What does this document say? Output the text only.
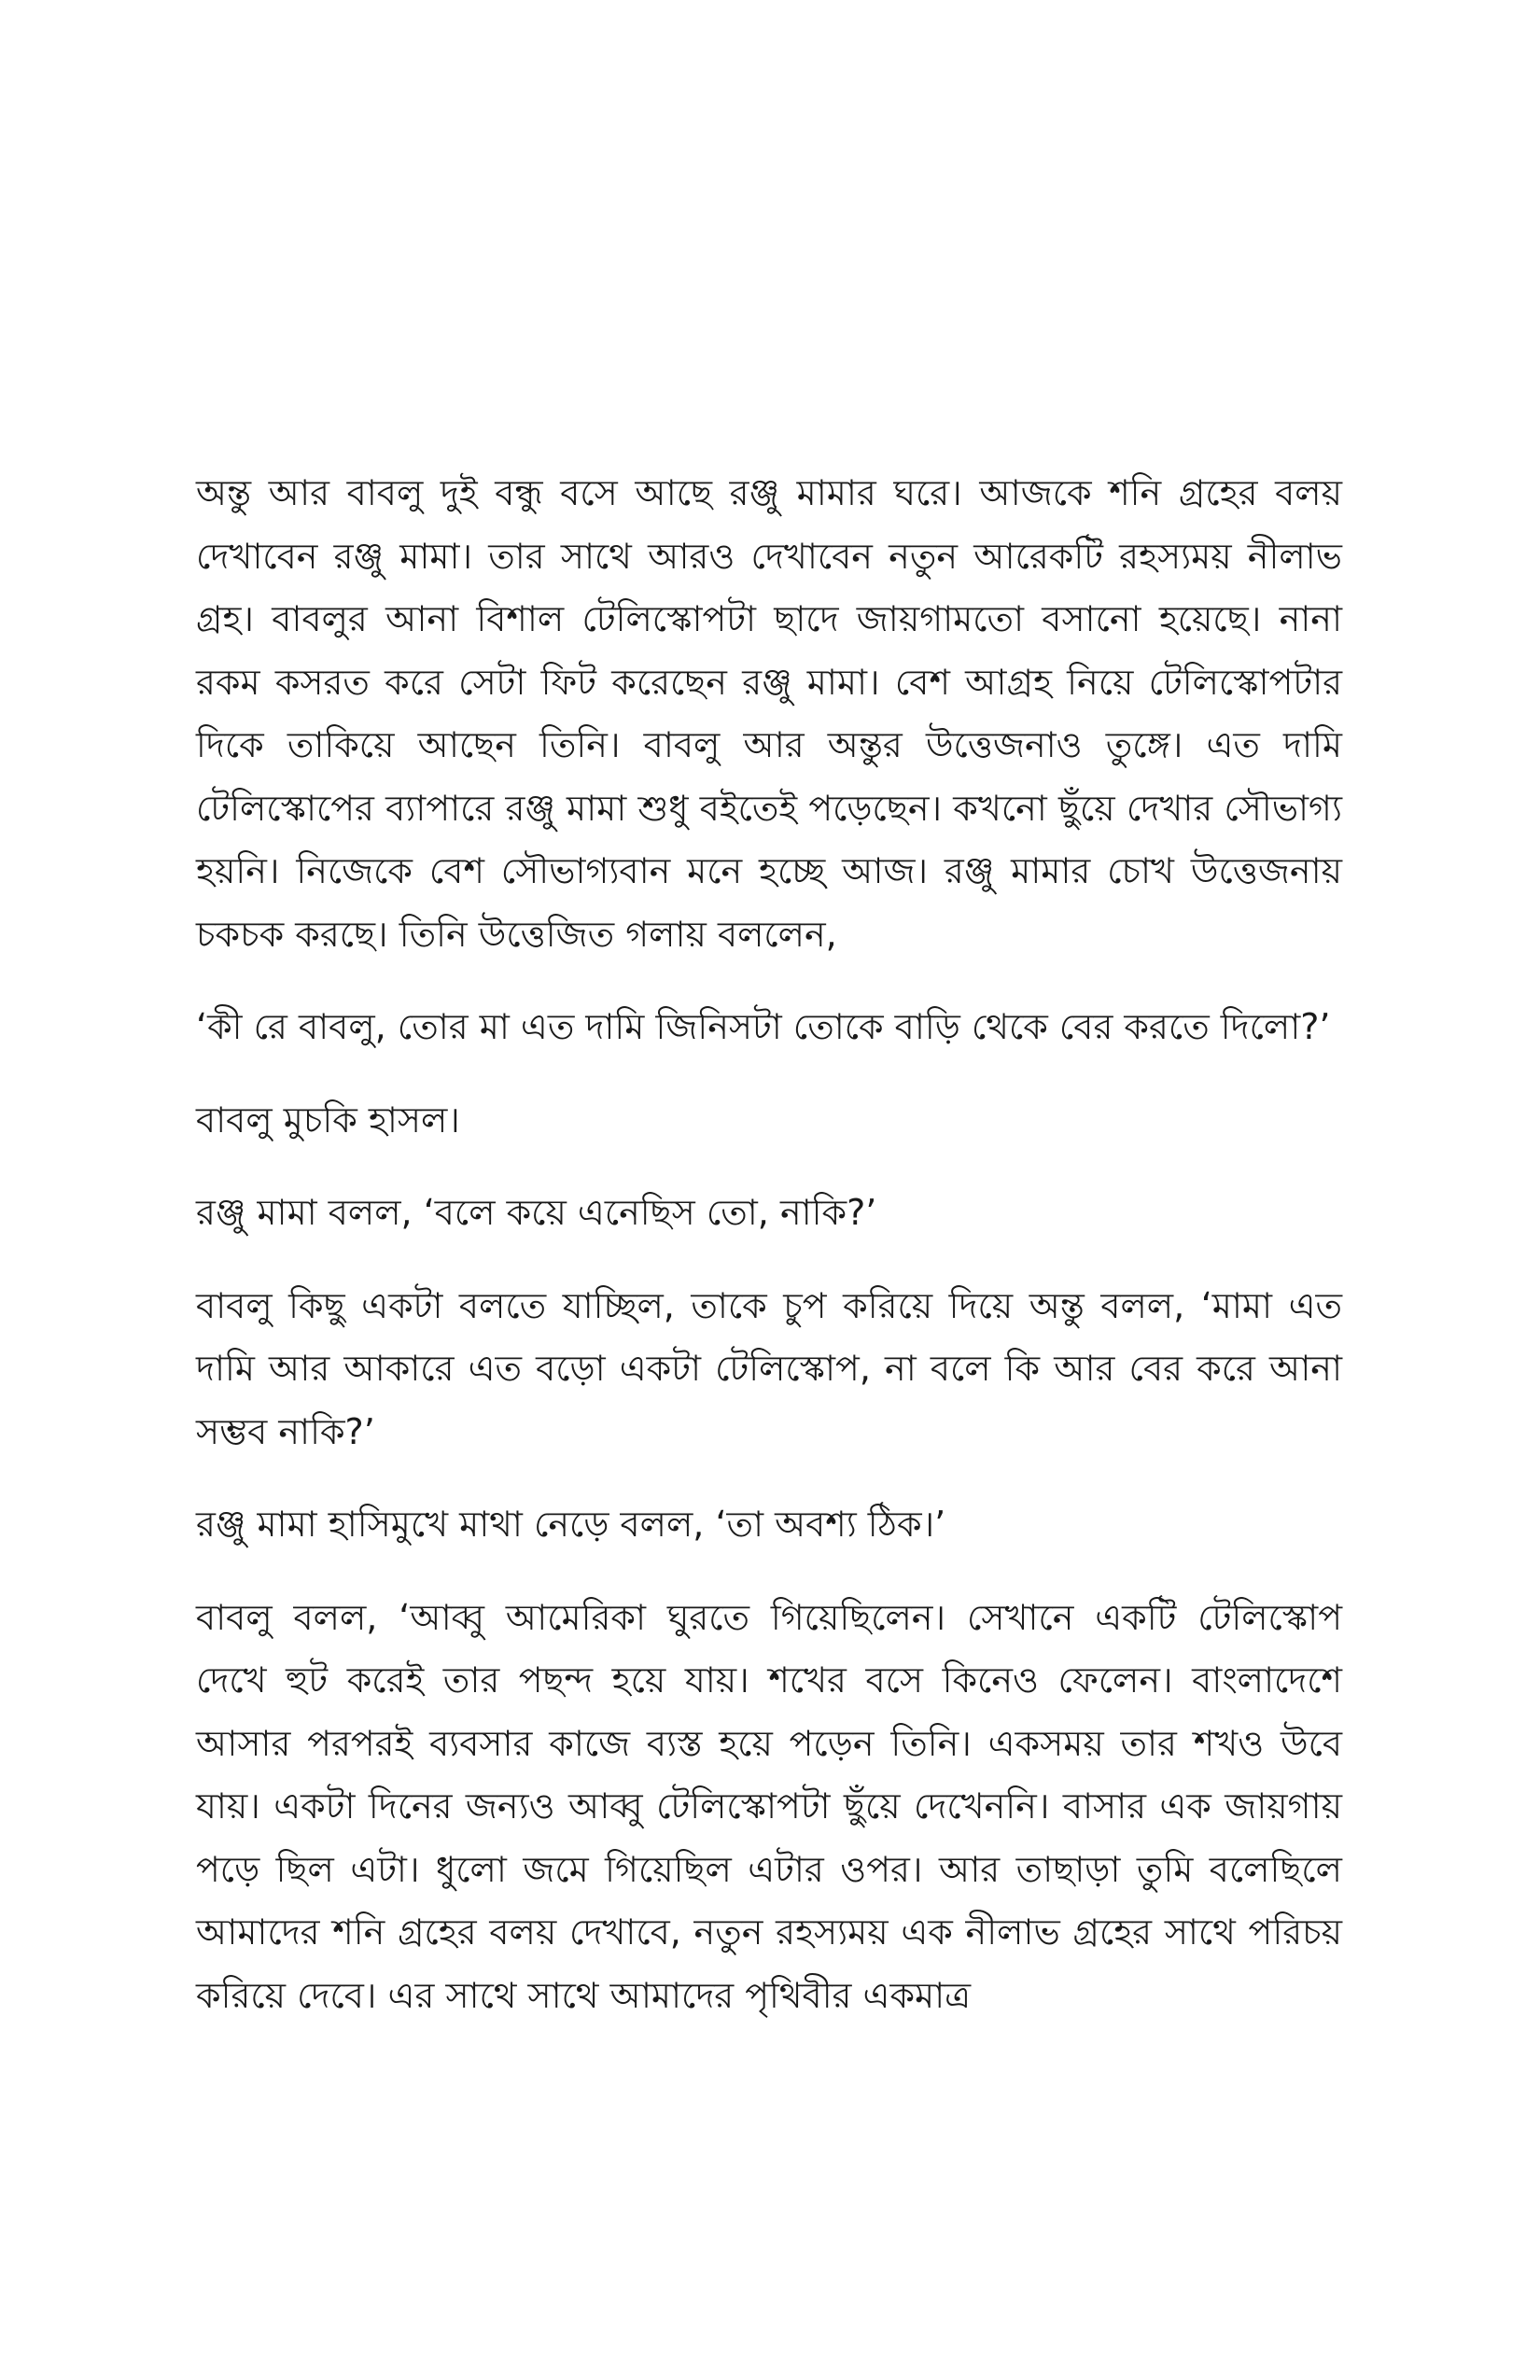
অন্তু আর বাবলু দুই বন্ধু বসে আছে রঞ্জু মামার ঘরে। আজকে শনি গ্রহের বলয় দেখাবেন রঞ্জু মামা। তার সাথে আরও দেখাবেন নতুন আরেকটি রহস্যময় নীলাভ গ্রহ। বাবলুর আনা বিশাল টেলিস্কোপটা ছাদে জায়গামতো বসানো হয়েছে। নানা রকম কসরত করে সেটা ফিট করেছেন রঞ্জু মামা। বেশ আগ্রহ নিয়ে টেলিস্কোপটার দিকে তাকিয়ে আছেন তিনি। বাবলু আর অন্তুর উত্তেজনাও তুঙ্গে। এত দামি টেলিস্কোপের ব্যাপারে রঞ্জু মামা শুধু বইতেই পড়েছেন। কখনো ছুঁয়ে দেখার সৌভাগ্য হয়নি। নিজেকে বেশ সৌভাগ্যবান মনে হচ্ছে আজ। রঞ্জু মামার চোখ উত্তেজনায় চকচক করছে। তিনি উত্তেজিত গলায় বললেন,

‘কী রে বাবলু, তোর মা এত দামি জিনিসটা তোকে বাড়ি থেকে বের করতে দিলো?’

বাবলু মুচকি হাসল।

রঞ্জু মামা বলল, ‘বলে কয়ে এনেছিস তো, নাকি?’

বাবলু কিছু একটা বলতে যাচ্ছিল, তাকে চুপ করিয়ে দিয়ে অন্তু বলল, ‘মামা এত দামি আর আকারে এত বড়ো একটা টেলিস্কোপ, না বলে কি আর বের করে আনা সম্ভব নাকি?’

রঞ্জু মামা হাসিমুখে মাথা নেড়ে বলল, ‘তা অবশ্য ঠিক।’

বাবলু বলল, ‘আব্বু আমেরিকা ঘুরতে গিয়েছিলেন। সেখানে একটি টেলিস্কোপ দেখে হুট করেই তার পছন্দ হয়ে যায়। শখের বসে কিনেও ফেলেন। বাংলাদেশে আসার পরপরই ব্যবসার কাজে ব্যস্ত হয়ে পড়েন তিনি। একসময় তার শখও উবে যায়। একটা দিনের জন্যও আব্বু টেলিস্কোপটা ছুঁয়ে দেখেননি। বাসার এক জায়গায় পড়ে ছিল এটা। ধুলো জমে গিয়েছিল এটার ওপর। আর তাছাড়া তুমি বলেছিলে আমাদের শনি গ্রহের বলয় দেখাবে, নতুন রহস্যময় এক নীলাভ গ্রহের সাথে পরিচয় করিয়ে দেবে। এর সাথে সাথে আমাদের পৃথিবীর একমাত্র
